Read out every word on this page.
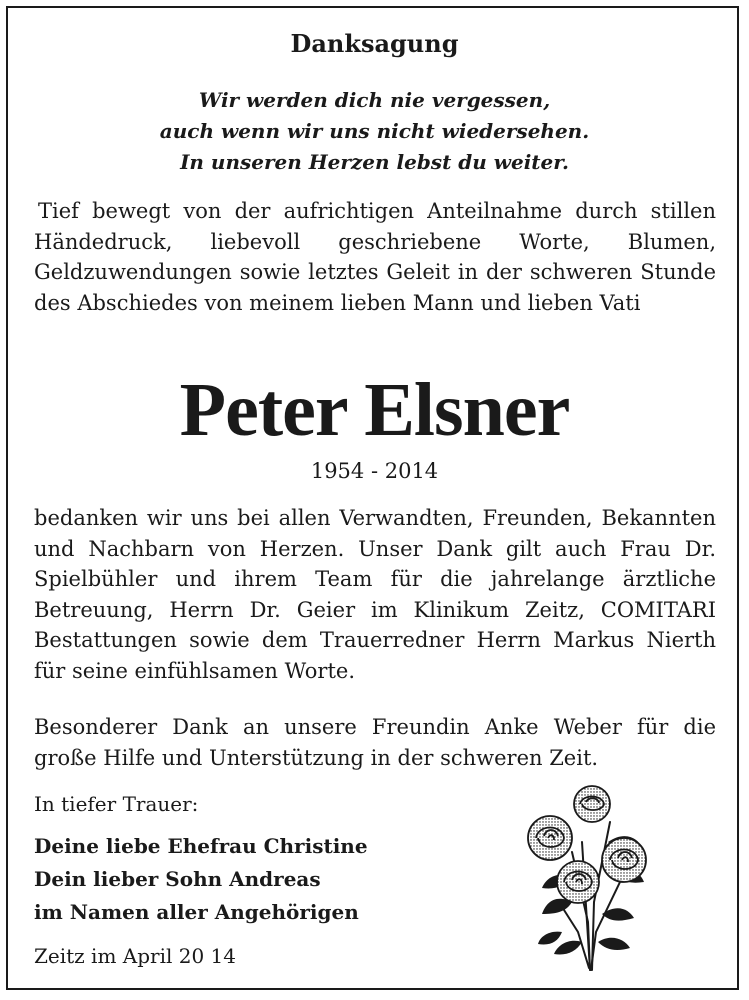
Danksagung
Wir werden dich nie vergessen,
auch wenn wir uns nicht wiedersehen.
In unseren Herzen lebst du weiter.
Tief bewegt von der aufrichtigen Anteilnahme durch stillen Händedruck, liebevoll geschriebene Worte, Blumen, Geldzuwendungen sowie letztes Geleit in der schweren Stunde des Abschiedes von meinem lieben Mann und lieben Vati
Peter Elsner
1954 - 2014
bedanken wir uns bei allen Verwandten, Freunden, Bekannten und Nachbarn von Herzen. Unser Dank gilt auch Frau Dr. Spielbühler und ihrem Team für die jahrelange ärztliche Betreuung, Herrn Dr. Geier im Klinikum Zeitz, COMITARI Bestattungen sowie dem Trauerredner Herrn Markus Nierth für seine einfühlsamen Worte.
Besonderer Dank an unsere Freundin Anke Weber für die große Hilfe und Unterstützung in der schweren Zeit.
In tiefer Trauer:
Deine liebe Ehefrau Christine
Dein lieber Sohn Andreas
im Namen aller Angehörigen
Zeitz im April 20 14
